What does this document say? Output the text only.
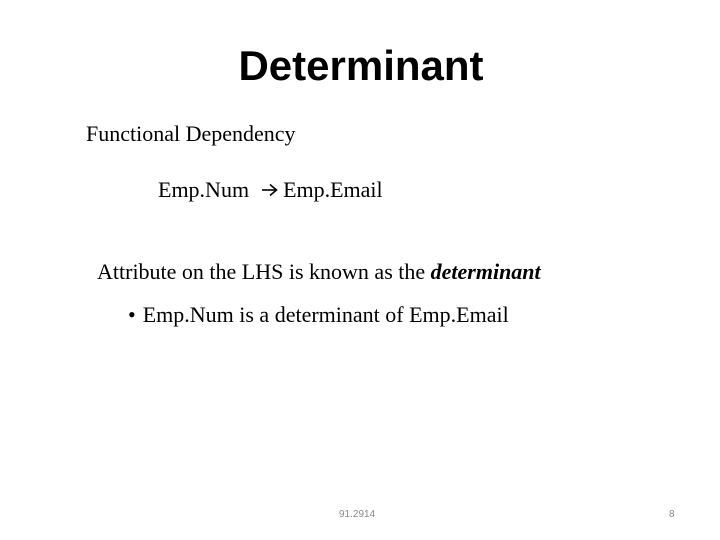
Determinant
Functional Dependency
Emp.Num Emp.Email
Attribute on the LHS is known as the determinant
• Emp.Num is a determinant of Emp.Email
91.2914	8
